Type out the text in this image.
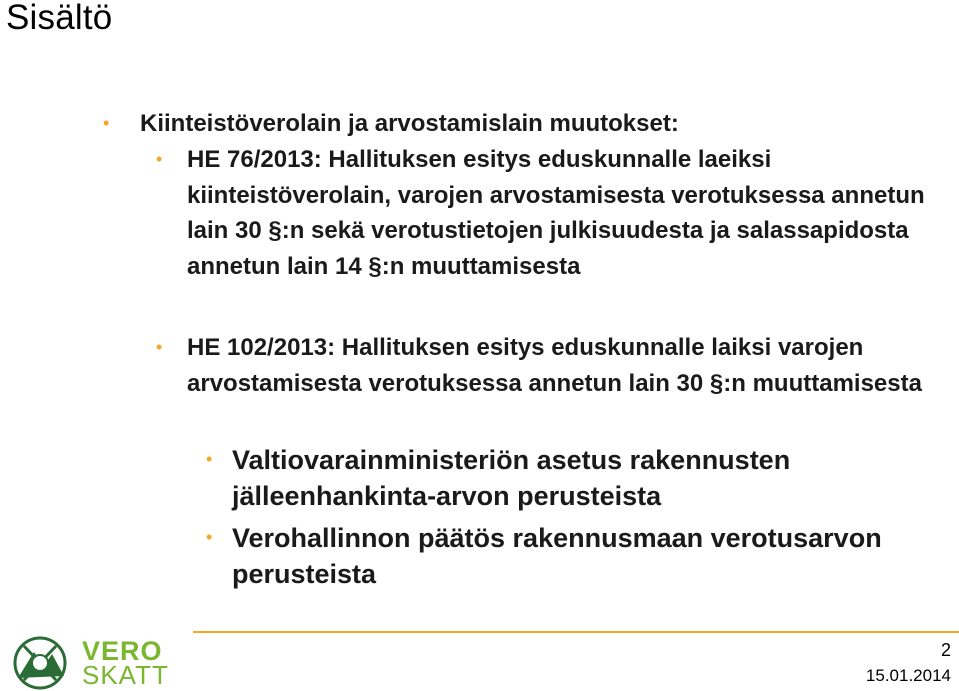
Sisältö
• Kiinteistöverolain ja arvostamislain muutokset:

• HE 76/2013: Hallituksen esitys eduskunnalle laeiksi kiinteistöverolain, varojen arvostamisesta verotuksessa annetun lain 30 §:n sekä verotustietojen julkisuudesta ja salassapidosta annetun lain 14 §:n muuttamisesta

• HE 102/2013: Hallituksen esitys eduskunnalle laiksi varojen arvostamisesta verotuksessa annetun lain 30 §:n muuttamisesta

• Valtiovarainministeriön asetus rakennusten jälleenhankinta-arvon perusteista

• Verohallinnon päätös rakennusmaan verotusarvon perusteista

VERO
SKATT
2
15.01.2014
